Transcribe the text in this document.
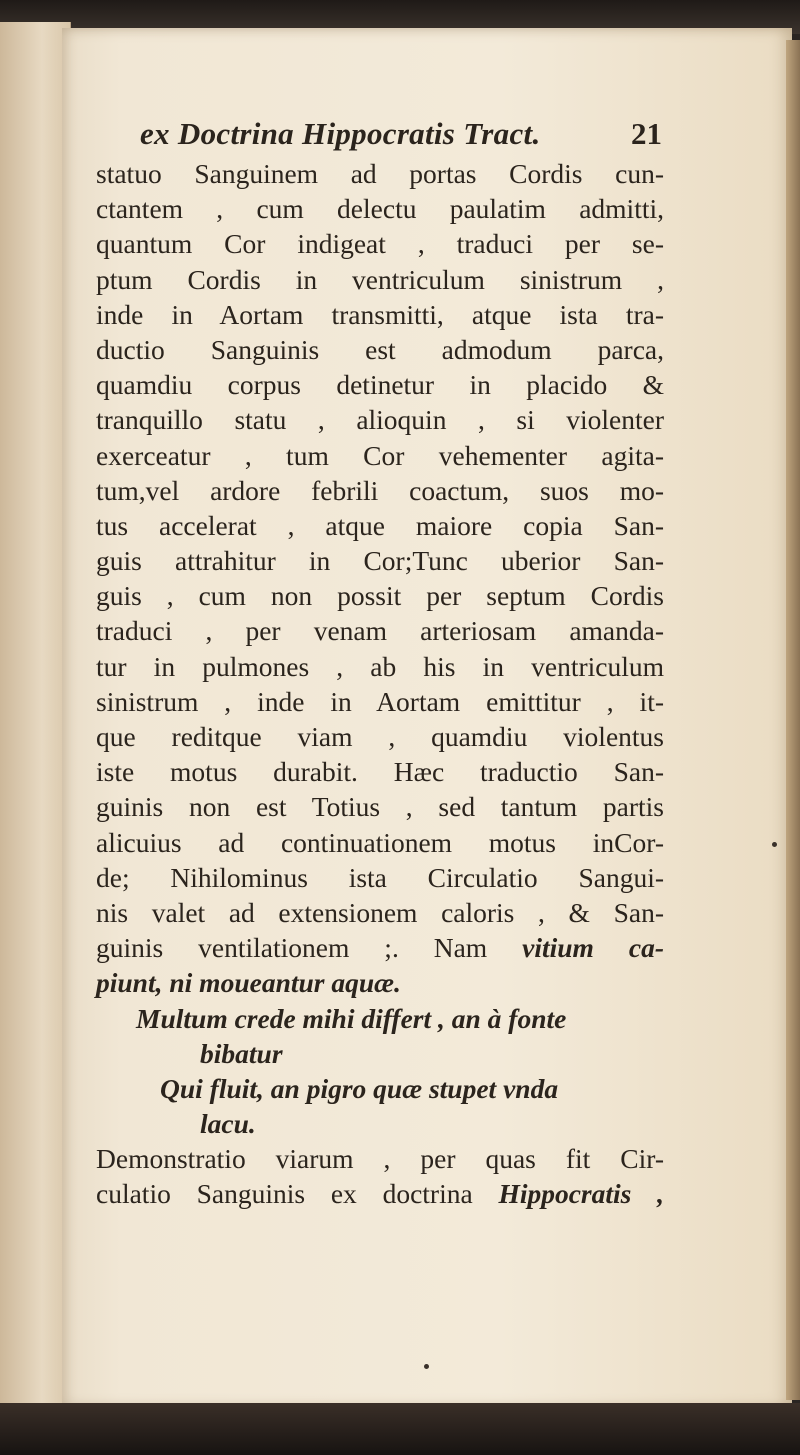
ex Doctrina Hippocratis Tract.	21
statuo Sanguinem ad portas Cordis cun-
ctantem , cum delectu paulatim admitti,
quantum Cor indigeat , traduci per se-
ptum Cordis in ventriculum sinistrum ,
inde in Aortam transmitti, atque ista tra-
ductio Sanguinis est admodum parca,
quamdiu corpus detinetur in placido &
tranquillo statu , alioquin , si violenter
exerceatur , tum Cor vehementer agita-
tum,vel ardore febrili coactum, suos mo-
tus accelerat , atque maiore copia San-
guis attrahitur in Cor;Tunc uberior San-
guis , cum non possit per septum Cordis
traduci , per venam arteriosam amanda-
tur in pulmones , ab his in ventriculum
sinistrum , inde in Aortam emittitur , it-
que reditque viam , quamdiu violentus
iste motus durabit. Hæc traductio San-
guinis non est Totius , sed tantum partis
alicuius ad continuationem motus inCor-
de; Nihilominus ista Circulatio Sangui-
nis valet ad extensionem caloris , & San-
guinis ventilationem ;. Nam vitium ca-
piunt, ni moueantur aquæ.
Multum crede mihi differt , an à fonte
bibatur
Qui fluit, an pigro quæ stupet vnda
lacu.
Demonstratio viarum , per quas fit Cir-
culatio Sanguinis ex doctrina Hippocratis ,
